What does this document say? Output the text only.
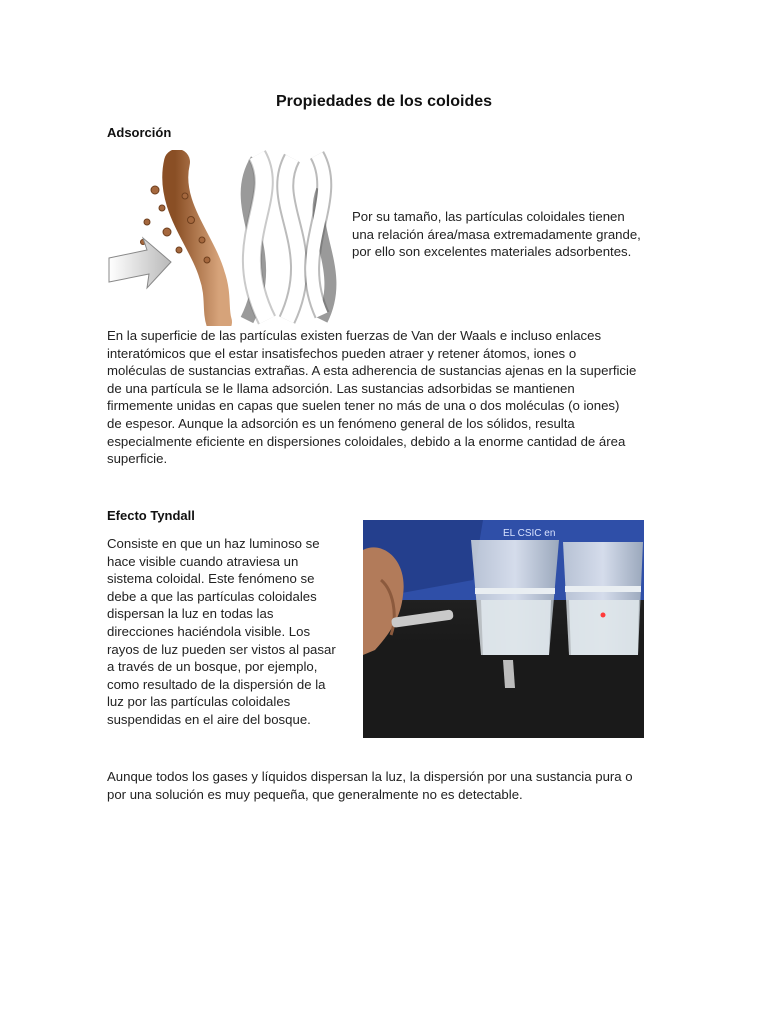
Propiedades de los coloides
Adsorción

Por su tamaño, las partículas coloidales tienen
una relación área/masa extremadamente grande,
por ello son excelentes materiales adsorbentes.

En la superficie de las partículas existen fuerzas de Van der Waals e incluso enlaces
interatómicos que el estar insatisfechos pueden atraer y retener átomos, iones o
moléculas de sustancias extrañas. A esta adherencia de sustancias ajenas en la superficie
de una partícula se le llama adsorción. Las sustancias adsorbidas se mantienen
firmemente unidas en capas que suelen tener no más de una o dos moléculas (o iones)
de espesor. Aunque la adsorción es un fenómeno general de los sólidos, resulta
especialmente eficiente en dispersiones coloidales, debido a la enorme cantidad de área
superficie.

Efecto Tyndall

Consiste en que un haz luminoso se
hace visible cuando atraviesa un
sistema coloidal. Este fenómeno se
debe a que las partículas coloidales
dispersan la luz en todas las
direcciones haciéndola visible. Los
rayos de luz pueden ser vistos al pasar
a través de un bosque, por ejemplo,
como resultado de la dispersión de la
luz por las partículas coloidales
suspendidas en el aire del bosque.

EL CSIC en

Aunque todos los gases y líquidos dispersan la luz, la dispersión por una sustancia pura o
por una solución es muy pequeña, que generalmente no es detectable.
